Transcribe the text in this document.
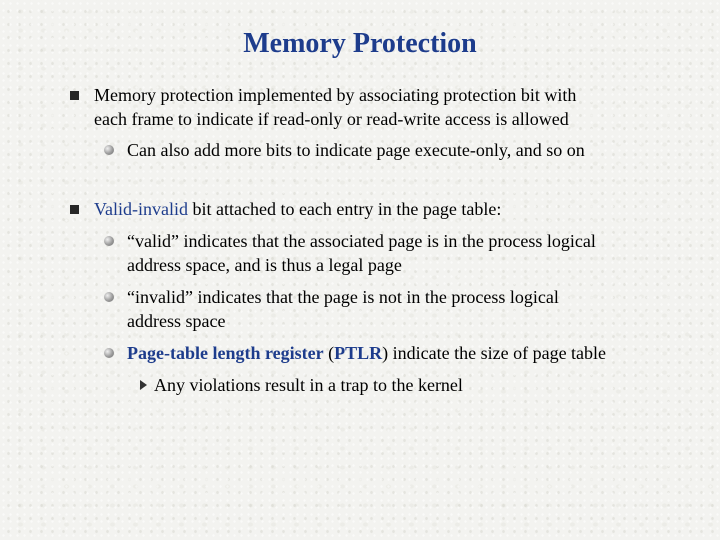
Memory Protection
Memory protection implemented by associating protection bit with
each frame to indicate if read-only or read-write access is allowed
Can also add more bits to indicate page execute-only, and so on
Valid-invalid bit attached to each entry in the page table:
“valid” indicates that the associated page is in the process logical
address space, and is thus a legal page
“invalid” indicates that the page is not in the process logical
address space
Page-table length register (PTLR) indicate the size of page table
Any violations result in a trap to the kernel
